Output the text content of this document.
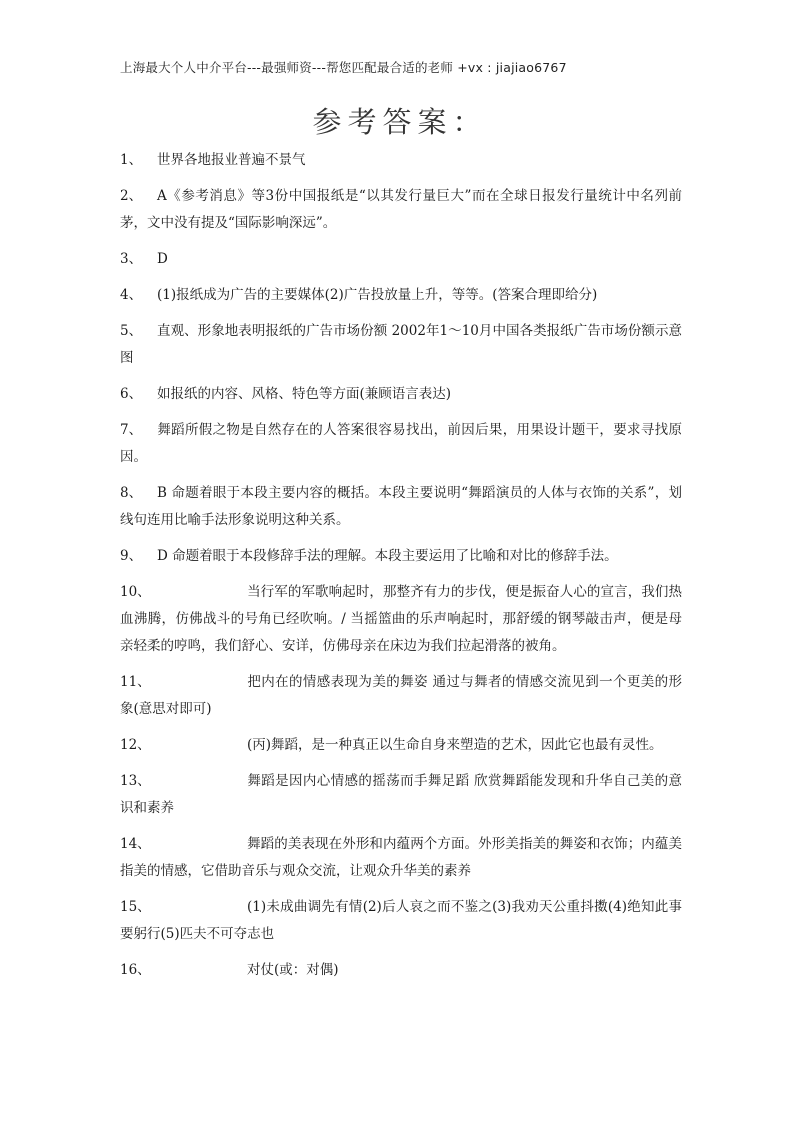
上海最大个人中介平台---最强师资---帮您匹配最合适的老师 +vx : jiajiao6767
参考答案：

1、 世界各地报业普遍不景气

2、 A《参考消息》等3份中国报纸是“以其发行量巨大”而在全球日报发行量统计中名列前茅，文中没有提及“国际影响深远”。

3、 D

4、 (1)报纸成为广告的主要媒体(2)广告投放量上升，等等。(答案合理即给分)

5、 直观、形象地表明报纸的广告市场份额 2002年1～10月中国各类报纸广告市场份额示意图

6、 如报纸的内容、风格、特色等方面(兼顾语言表达)

7、 舞蹈所假之物是自然存在的人答案很容易找出，前因后果，用果设计题干，要求寻找原因。

8、 B 命题着眼于本段主要内容的概括。本段主要说明“舞蹈演员的人体与衣饰的关系”，划线句连用比喻手法形象说明这种关系。

9、 D 命题着眼于本段修辞手法的理解。本段主要运用了比喻和对比的修辞手法。

10、	当行军的军歌响起时，那整齐有力的步伐，便是振奋人心的宣言，我们热血沸腾，仿佛战斗的号角已经吹响。/ 当摇篮曲的乐声响起时，那舒缓的钢琴敲击声，便是母亲轻柔的哼鸣，我们舒心、安详，仿佛母亲在床边为我们拉起滑落的被角。

11、	把内在的情感表现为美的舞姿 通过与舞者的情感交流见到一个更美的形象(意思对即可)

12、	(丙)舞蹈，是一种真正以生命自身来塑造的艺术，因此它也最有灵性。

13、	舞蹈是因内心情感的摇荡而手舞足蹈 欣赏舞蹈能发现和升华自己美的意识和素养

14、	舞蹈的美表现在外形和内蕴两个方面。外形美指美的舞姿和衣饰；内蕴美指美的情感，它借助音乐与观众交流，让观众升华美的素养

15、	(1)未成曲调先有情(2)后人哀之而不鉴之(3)我劝天公重抖擞(4)绝知此事要躬行(5)匹夫不可夺志也

16、	对仗(或：对偶)
